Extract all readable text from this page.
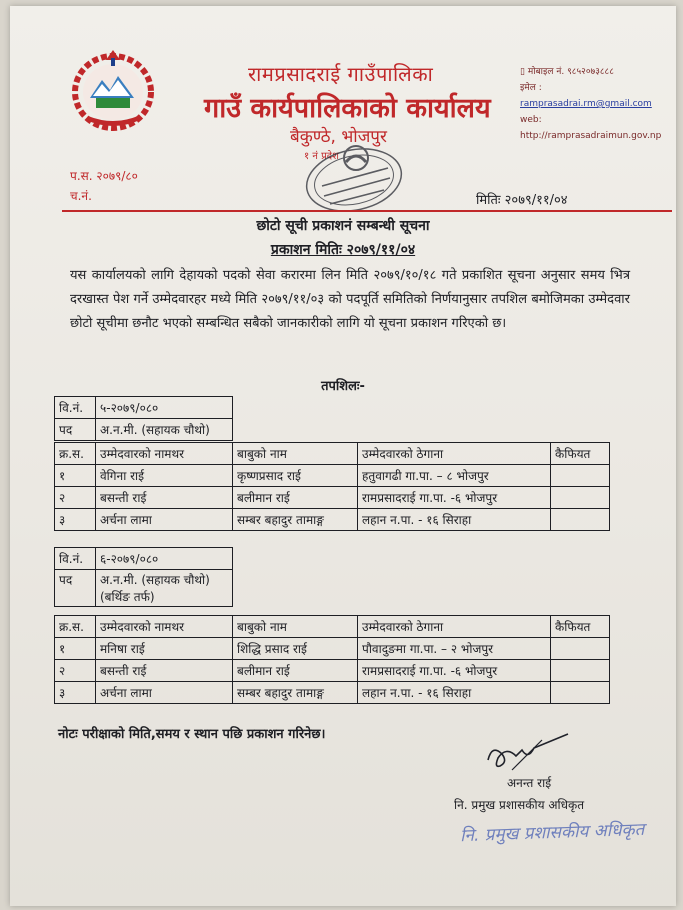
रामप्रसादराई गाउँपालिका
गाउँ कार्यपालिकाको कार्यालय
बैकुण्ठे, भोजपुर
१ नं प्रदेश
▯ मोबाइल नं. ९८५२०७३८८८
इमेल : ramprasadrai.rm@gmail.com
web: http://ramprasadraimun.gov.np
प.स. २०७९/८०
च.नं.	मितिः २०७९/११/०४
छोटो सूची प्रकाशनं सम्बन्धी सूचना
प्रकाशन मितिः २०७९/११/०४
यस कार्यालयको लागि देहायको पदको सेवा करारमा लिन मिति २०७९/१०/१८ गते प्रकाशित सूचना अनुसार समय भित्र दरखास्त पेश गर्ने उम्मेदवारहर मध्ये मिति २०७९/११/०३ को पदपूर्ति समितिको निर्णयानुसार तपशिल बमोजिमका उम्मेदवार छोटो सूचीमा छनौट भएको सम्बन्धित सबैको जानकारीको लागि यो सूचना प्रकाशन गरिएको छ।
तपशिलः-
वि.नं.	५-२०७९/०८०
पद	अ.न.मी. (सहायक चौथो)
क्र.स.	उम्मेदवारको नामथर	बाबुको नाम	उम्मेदवारको ठेगाना	कैफियत
१	वेगिना राई	कृष्णप्रसाद राई	हतुवागढी गा.पा. – ८ भोजपुर	
२	बसन्ती राई	बलीमान राई	रामप्रसादराई गा.पा. -६ भोजपुर	
३	अर्चना लामा	सम्बर बहादुर तामाङ्ग	लहान न.पा. - १६ सिराहा	
वि.नं.	६-२०७९/०८०
पद	अ.न.मी. (सहायक चौथो)
(बर्थिङ तर्फ)
क्र.स.	उम्मेदवारको नामथर	बाबुको नाम	उम्मेदवारको ठेगाना	कैफियत
१	मनिषा राई	शिद्धि प्रसाद राई	पौवादुङमा गा.पा. – २ भोजपुर	
२	बसन्ती राई	बलीमान राई	रामप्रसादराई गा.पा. -६ भोजपुर	
३	अर्चना लामा	सम्बर बहादुर तामाङ्ग	लहान न.पा. - १६ सिराहा	
नोटः परीक्षाको मिति,समय र स्थान पछि प्रकाशन गरिनेछ।
अनन्त राई
नि. प्रमुख प्रशासकीय अधिकृत
नि. प्रमुख प्रशासकीय अधिकृत
